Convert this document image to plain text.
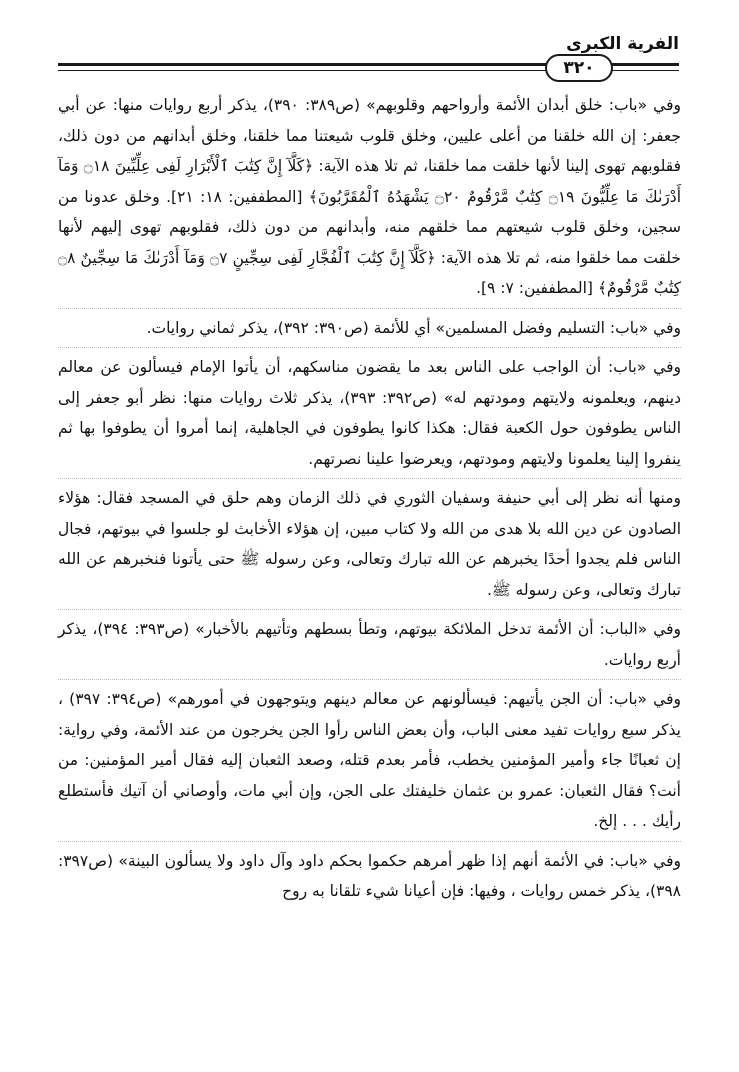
الفرية الكبرى
٣٢٠

وفي «باب: خلق أبدان الأئمة وأرواحهم وقلوبهم» (ص٣٨٩: ٣٩٠)، يذكر أربع روايات منها: عن أبي جعفر: إن الله خلقنا من أعلى عليين، وخلق قلوب شيعتنا مما خلقنا، وخلق أبدانهم من دون ذلك، فقلوبهم تهوى إلينا لأنها خلقت مما خلقنا، ثم تلا هذه الآية: ﴿كَلَّآ إِنَّ كِتَٰبَ ٱلْأَبْرَارِ لَفِى عِلِّيِّينَ ۝١٨ وَمَآ أَدْرَىٰكَ مَا عِلِّيُّونَ ۝١٩ كِتَٰبٌ مَّرْقُومٌ ۝٢٠ يَشْهَدُهُ ٱلْمُقَرَّبُونَ﴾ [المطففين: ١٨: ٢١]. وخلق عدونا من سجين، وخلق قلوب شيعتهم مما خلقهم منه، وأبدانهم من دون ذلك، فقلوبهم تهوى إليهم لأنها خلقت مما خلقوا منه، ثم تلا هذه الآية: ﴿كَلَّآ إِنَّ كِتَٰبَ ٱلْفُجَّارِ لَفِى سِجِّينٍ ۝٧ وَمَآ أَدْرَىٰكَ مَا سِجِّينٌ ۝٨ كِتَٰبٌ مَّرْقُومٌ﴾ [المطففين: ٧: ٩].

وفي «باب: التسليم وفضل المسلمين» أي للأئمة (ص٣٩٠: ٣٩٢)، يذكر ثماني روايات.

وفي «باب: أن الواجب على الناس بعد ما يقضون مناسكهم، أن يأتوا الإمام فيسألون عن معالم دينهم، ويعلمونه ولايتهم ومودتهم له» (ص٣٩٢: ٣٩٣)، يذكر ثلاث روايات منها: نظر أبو جعفر إلى الناس يطوفون حول الكعبة فقال: هكذا كانوا يطوفون في الجاهلية، إنما أمروا أن يطوفوا بها ثم ينفروا إلينا يعلمونا ولايتهم ومودتهم، ويعرضوا علينا نصرتهم.

ومنها أنه نظر إلى أبي حنيفة وسفيان الثوري في ذلك الزمان وهم حلق في المسجد فقال: هؤلاء الصادون عن دين الله بلا هدى من الله ولا كتاب مبين، إن هؤلاء الأخابث لو جلسوا في بيوتهم، فجال الناس فلم يجدوا أحدًا يخبرهم عن الله تبارك وتعالى، وعن رسوله ﷺ حتى يأتونا فنخبرهم عن الله تبارك وتعالى، وعن رسوله ﷺ.

وفي «الباب: أن الأئمة تدخل الملائكة بيوتهم، وتطأ بسطهم وتأتيهم بالأخبار» (ص٣٩٣: ٣٩٤)، يذكر أربع روايات.

وفي «باب: أن الجن يأتيهم: فيسألونهم عن معالم دينهم ويتوجهون في أمورهم» (ص٣٩٤: ٣٩٧) ، يذكر سبع روايات تفيد معنى الباب، وأن بعض الناس رأوا الجن يخرجون من عند الأئمة، وفي رواية: إن ثعبانًا جاء وأمير المؤمنين يخطب، فأمر بعدم قتله، وصعد الثعبان إليه فقال أمير المؤمنين: من أنت؟ فقال الثعبان: عمرو بن عثمان خليفتك على الجن، وإن أبي مات، وأوصاني أن آتيك فأستطلع رأيك . . . إلخ.

وفي «باب: في الأئمة أنهم إذا ظهر أمرهم حكموا بحكم داود وآل داود ولا يسألون البينة» (ص٣٩٧: ٣٩٨)، يذكر خمس روايات ، وفيها: فإن أعيانا شيء تلقانا به روح
